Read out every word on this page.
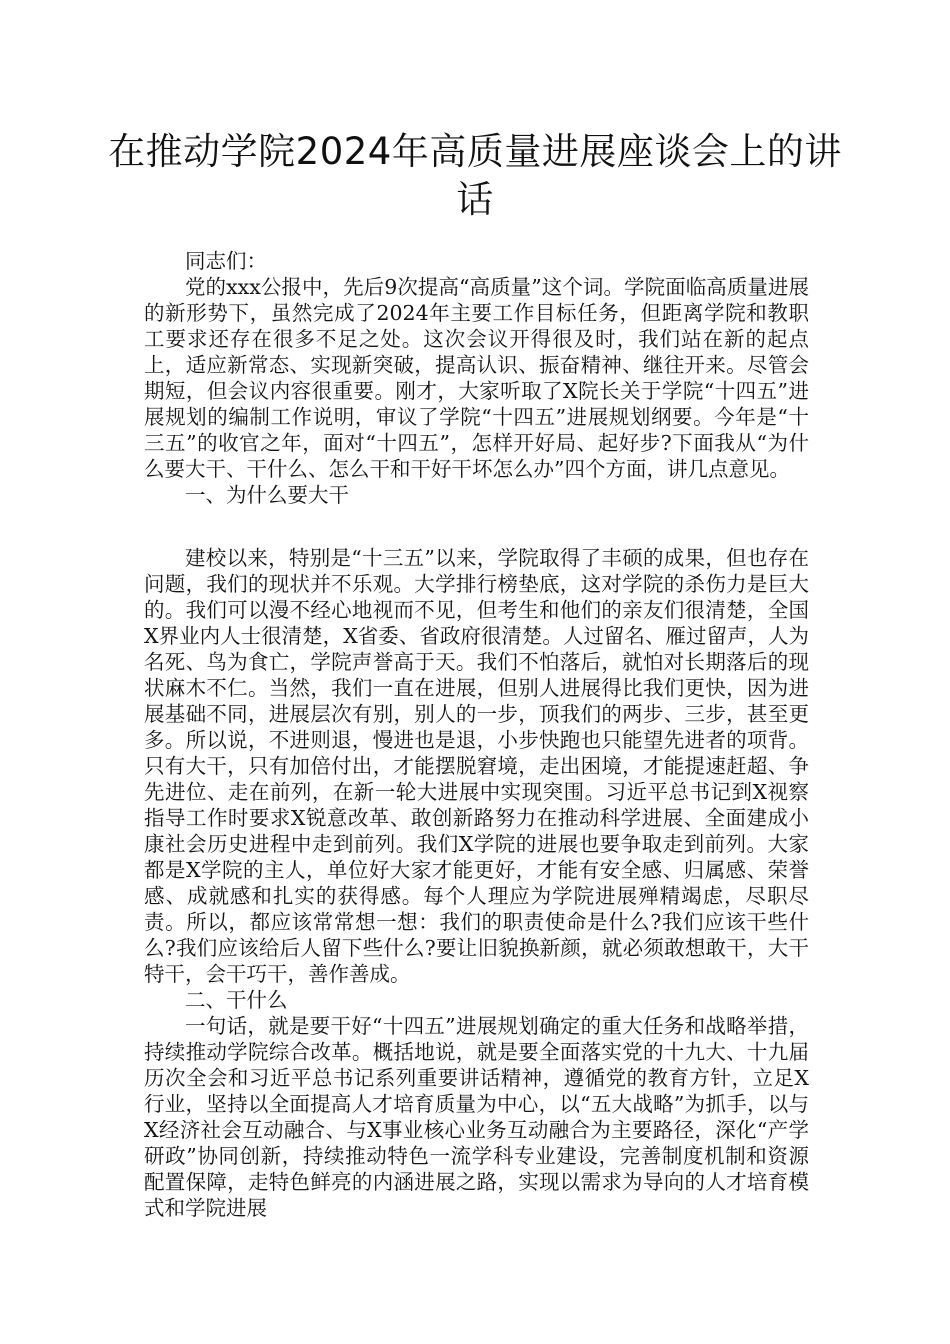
在推动学院2024年高质量进展座谈会上的讲话

同志们：

党的xxx公报中，先后9次提高“高质量”这个词。学院面临高质量进展的新形势下，虽然完成了2024年主要工作目标任务，但距离学院和教职工要求还存在很多不足之处。这次会议开得很及时，我们站在新的起点上，适应新常态、实现新突破，提高认识、振奋精神、继往开来。尽管会期短，但会议内容很重要。刚才，大家听取了X院长关于学院“十四五”进展规划的编制工作说明，审议了学院“十四五”进展规划纲要。今年是“十三五”的收官之年，面对“十四五”，怎样开好局、起好步?下面我从“为什么要大干、干什么、怎么干和干好干坏怎么办”四个方面，讲几点意见。

一、为什么要大干

建校以来，特别是“十三五”以来，学院取得了丰硕的成果，但也存在问题，我们的现状并不乐观。大学排行榜垫底，这对学院的杀伤力是巨大的。我们可以漫不经心地视而不见，但考生和他们的亲友们很清楚，全国X界业内人士很清楚，X省委、省政府很清楚。人过留名、雁过留声，人为名死、鸟为食亡，学院声誉高于天。我们不怕落后，就怕对长期落后的现状麻木不仁。当然，我们一直在进展，但别人进展得比我们更快，因为进展基础不同，进展层次有别，别人的一步，顶我们的两步、三步，甚至更多。所以说，不进则退，慢进也是退，小步快跑也只能望先进者的项背。只有大干，只有加倍付出，才能摆脱窘境，走出困境，才能提速赶超、争先进位、走在前列，在新一轮大进展中实现突围。习近平总书记到X视察指导工作时要求X锐意改革、敢创新路努力在推动科学进展、全面建成小康社会历史进程中走到前列。我们X学院的进展也要争取走到前列。大家都是X学院的主人，单位好大家才能更好，才能有安全感、归属感、荣誉感、成就感和扎实的获得感。每个人理应为学院进展殚精竭虑，尽职尽责。所以，都应该常常想一想：我们的职责使命是什么?我们应该干些什么?我们应该给后人留下些什么?要让旧貌换新颜，就必须敢想敢干，大干特干，会干巧干，善作善成。

二、干什么

一句话，就是要干好“十四五”进展规划确定的重大任务和战略举措，持续推动学院综合改革。概括地说，就是要全面落实党的十九大、十九届历次全会和习近平总书记系列重要讲话精神，遵循党的教育方针，立足X行业，坚持以全面提高人才培育质量为中心，以“五大战略”为抓手，以与X经济社会互动融合、与X事业核心业务互动融合为主要路径，深化“产学研政”协同创新，持续推动特色一流学科专业建设，完善制度机制和资源配置保障，走特色鲜亮的内涵进展之路，实现以需求为导向的人才培育模式和学院进展
